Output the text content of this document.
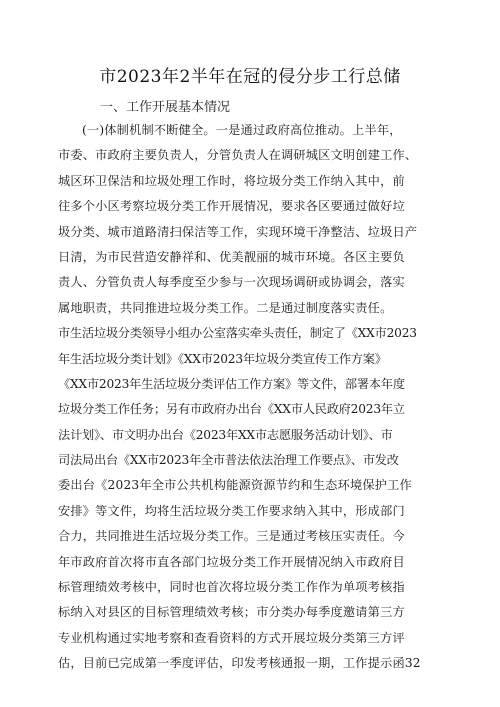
市2023年2半年在冠的侵分步工行总储
一、工作开展基本情况
(一)体制机制不断健全。一是通过政府高位推动。上半年，
市委、市政府主要负责人，分管负责人在调研城区文明创建工作、
城区环卫保洁和垃圾处理工作时，将垃圾分类工作纳入其中，前
往多个小区考察垃圾分类工作开展情况，要求各区要通过做好垃
圾分类、城市道路清扫保洁等工作，实现环境干净整洁、垃圾日产
日清，为市民营造安静祥和、优美靓丽的城市环境。各区主要负
责人、分管负责人每季度至少参与一次现场调研或协调会，落实
属地职责，共同推进垃圾分类工作。二是通过制度落实责任。
市生活垃圾分类领导小组办公室落实牵头责任，制定了《XX市2023
年生活垃圾分类计划》《XX市2023年垃圾分类宣传工作方案》
《XX市2023年生活垃圾分类评估工作方案》等文件，部署本年度
垃圾分类工作任务；另有市政府办出台《XX市人民政府2023年立
法计划》、市文明办出台《2023年XX市志愿服务活动计划》、市
司法局出台《XX市2023年全市普法依法治理工作要点》、市发改
委出台《2023年全市公共机构能源资源节约和生态环境保护工作
安排》等文件，均将生活垃圾分类工作要求纳入其中，形成部门
合力，共同推进生活垃圾分类工作。三是通过考核压实责任。今
年市政府首次将市直各部门垃圾分类工作开展情况纳入市政府目
标管理绩效考核中，同时也首次将垃圾分类工作作为单项考核指
标纳入对县区的目标管理绩效考核；市分类办每季度邀请第三方
专业机构通过实地考察和查看资料的方式开展垃圾分类第三方评
估，目前已完成第一季度评估，印发考核通报一期，工作提示函32
